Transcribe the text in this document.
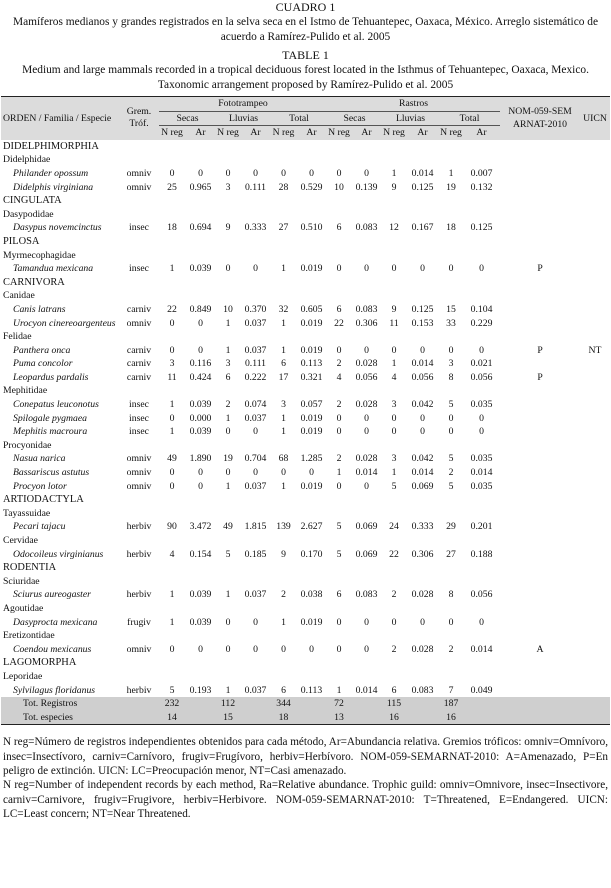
CUADRO 1
Mamíferos medianos y grandes registrados en la selva seca en el Istmo de Tehuantepec, Oaxaca, México. Arreglo sistemático de acuerdo a Ramírez-Pulido et al. 2005
TABLE 1
Medium and large mammals recorded in a tropical deciduous forest located in the Isthmus of Tehuantepec, Oaxaca, Mexico. Taxonomic arrangement proposed by Ramírez-Pulido et al. 2005
ORDEN / Familia / Especie	Grem. Tróf.	Fototrampeo						Rastros						NOM-059-SEMARNAT-2010	UICN
		Secas		Lluvias		Total		Secas		Lluvias		Total			
		N reg	Ar	N reg	Ar	N reg	Ar	N reg	Ar	N reg	Ar	N reg	Ar		
DIDELPHIMORPHIA															
Didelphidae															
Philander opossum	omniv	0	0	0	0	0	0	0	0	1	0.014	1	0.007		
Didelphis virginiana	omniv	25	0.965	3	0.111	28	0.529	10	0.139	9	0.125	19	0.132		
CINGULATA															
Dasypodidae															
Dasypus novemcinctus	insec	18	0.694	9	0.333	27	0.510	6	0.083	12	0.167	18	0.125		
PILOSA															
Myrmecophagidae															
Tamandua mexicana	insec	1	0.039	0	0	1	0.019	0	0	0	0	0	0	P	
CARNIVORA															
Canidae															
Canis latrans	carniv	22	0.849	10	0.370	32	0.605	6	0.083	9	0.125	15	0.104		
Urocyon cinereoargenteus	omniv	0	0	1	0.037	1	0.019	22	0.306	11	0.153	33	0.229		
Felidae															
Panthera onca	carniv	0	0	1	0.037	1	0.019	0	0	0	0	0	0	P	NT
Puma concolor	carniv	3	0.116	3	0.111	6	0.113	2	0.028	1	0.014	3	0.021		
Leopardus pardalis	carniv	11	0.424	6	0.222	17	0.321	4	0.056	4	0.056	8	0.056	P	
Mephitidae															
Conepatus leuconotus	insec	1	0.039	2	0.074	3	0.057	2	0.028	3	0.042	5	0.035		
Spilogale pygmaea	insec	0	0.000	1	0.037	1	0.019	0	0	0	0	0	0		
Mephitis macroura	insec	1	0.039	0	0	1	0.019	0	0	0	0	0	0		
Procyonidae															
Nasua narica	omniv	49	1.890	19	0.704	68	1.285	2	0.028	3	0.042	5	0.035		
Bassariscus astutus	omniv	0	0	0	0	0	0	1	0.014	1	0.014	2	0.014		
Procyon lotor	omniv	0	0	1	0.037	1	0.019	0	0	5	0.069	5	0.035		
ARTIODACTYLA															
Tayassuidae															
Pecari tajacu	herbiv	90	3.472	49	1.815	139	2.627	5	0.069	24	0.333	29	0.201		
Cervidae															
Odocoileus virginianus	herbiv	4	0.154	5	0.185	9	0.170	5	0.069	22	0.306	27	0.188		
RODENTIA															
Sciuridae															
Sciurus aureogaster	herbiv	1	0.039	1	0.037	2	0.038	6	0.083	2	0.028	8	0.056		
Agoutidae															
Dasyprocta mexicana	frugiv	1	0.039	0	0	1	0.019	0	0	0	0	0	0		
Eretizontidae															
Coendou mexicanus	omniv	0	0	0	0	0	0	0	0	2	0.028	2	0.014	A	
LAGOMORPHA															
Leporidae															
Sylvilagus floridanus	herbiv	5	0.193	1	0.037	6	0.113	1	0.014	6	0.083	7	0.049		
Tot. Registros		232		112		344		72		115		187			
Tot. especies		14		15		18		13		16		16			

N reg=Número de registros independientes obtenidos para cada método, Ar=Abundancia relativa. Gremios tróficos: omniv=Omnívoro, insec=Insectívoro, carniv=Carnívoro, frugiv=Frugívoro, herbiv=Herbívoro. NOM-059-SEMARNAT-2010: A=Amenazado, P=En peligro de extinción. UICN: LC=Preocupación menor, NT=Casi amenazado.

N reg=Number of independent records by each method, Ra=Relative abundance. Trophic guild: omniv=Omnivore, insec=Insectivore, carniv=Carnivore, frugiv=Frugivore, herbiv=Herbivore. NOM-059-SEMARNAT-2010: T=Threatened, E=Endangered. UICN: LC=Least concern; NT=Near Threatened.
